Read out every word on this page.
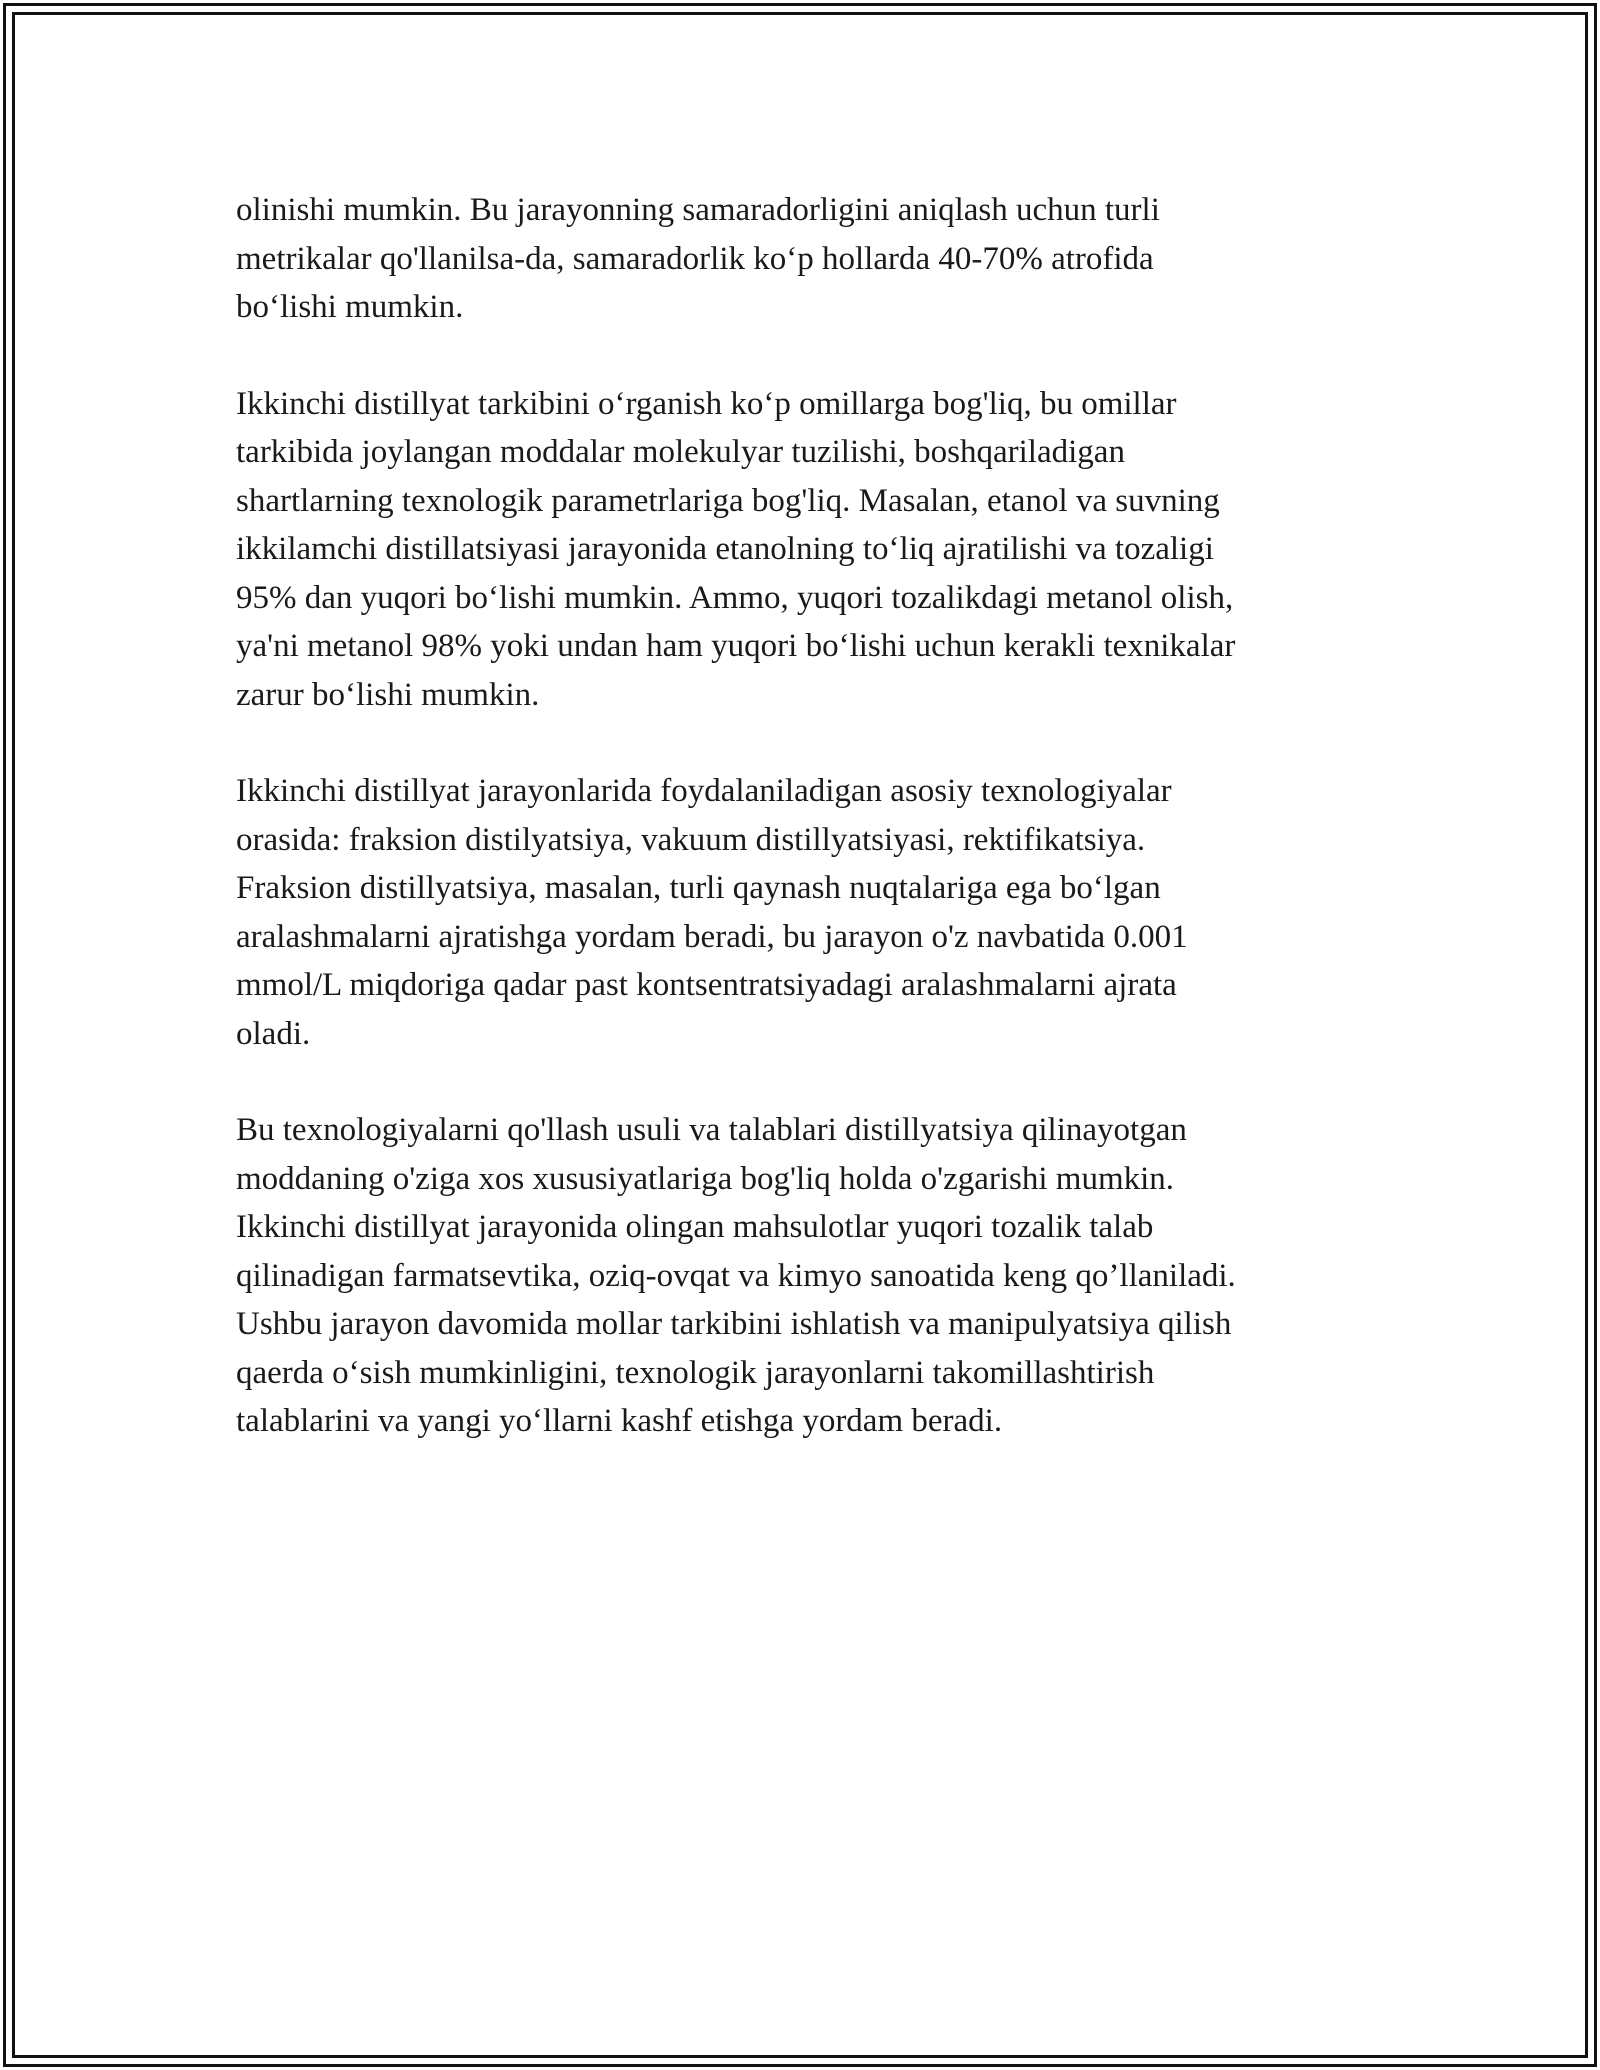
olinishi mumkin. Bu jarayonning samaradorligini aniqlash uchun turli
metrikalar qo'llanilsa-da, samaradorlik ko‘p hollarda 40-70% atrofida
bo‘lishi mumkin.

Ikkinchi distillyat tarkibini o‘rganish ko‘p omillarga bog'liq, bu omillar
tarkibida joylangan moddalar molekulyar tuzilishi, boshqariladigan
shartlarning texnologik parametrlariga bog'liq. Masalan, etanol va suvning
ikkilamchi distillatsiyasi jarayonida etanolning to‘liq ajratilishi va tozaligi
95% dan yuqori bo‘lishi mumkin. Ammo, yuqori tozalikdagi metanol olish,
ya'ni metanol 98% yoki undan ham yuqori bo‘lishi uchun kerakli texnikalar
zarur bo‘lishi mumkin.

Ikkinchi distillyat jarayonlarida foydalaniladigan asosiy texnologiyalar
orasida: fraksion distilyatsiya, vakuum distillyatsiyasi, rektifikatsiya.
Fraksion distillyatsiya, masalan, turli qaynash nuqtalariga ega bo‘lgan
aralashmalarni ajratishga yordam beradi, bu jarayon o'z navbatida 0.001
mmol/L miqdoriga qadar past kontsentratsiyadagi aralashmalarni ajrata
oladi.

Bu texnologiyalarni qo'llash usuli va talablari distillyatsiya qilinayotgan
moddaning o'ziga xos xususiyatlariga bog'liq holda o'zgarishi mumkin.
Ikkinchi distillyat jarayonida olingan mahsulotlar yuqori tozalik talab
qilinadigan farmatsevtika, oziq-ovqat va kimyo sanoatida keng qo’llaniladi.
Ushbu jarayon davomida mollar tarkibini ishlatish va manipulyatsiya qilish
qaerda o‘sish mumkinligini, texnologik jarayonlarni takomillashtirish
talablarini va yangi yo‘llarni kashf etishga yordam beradi.
